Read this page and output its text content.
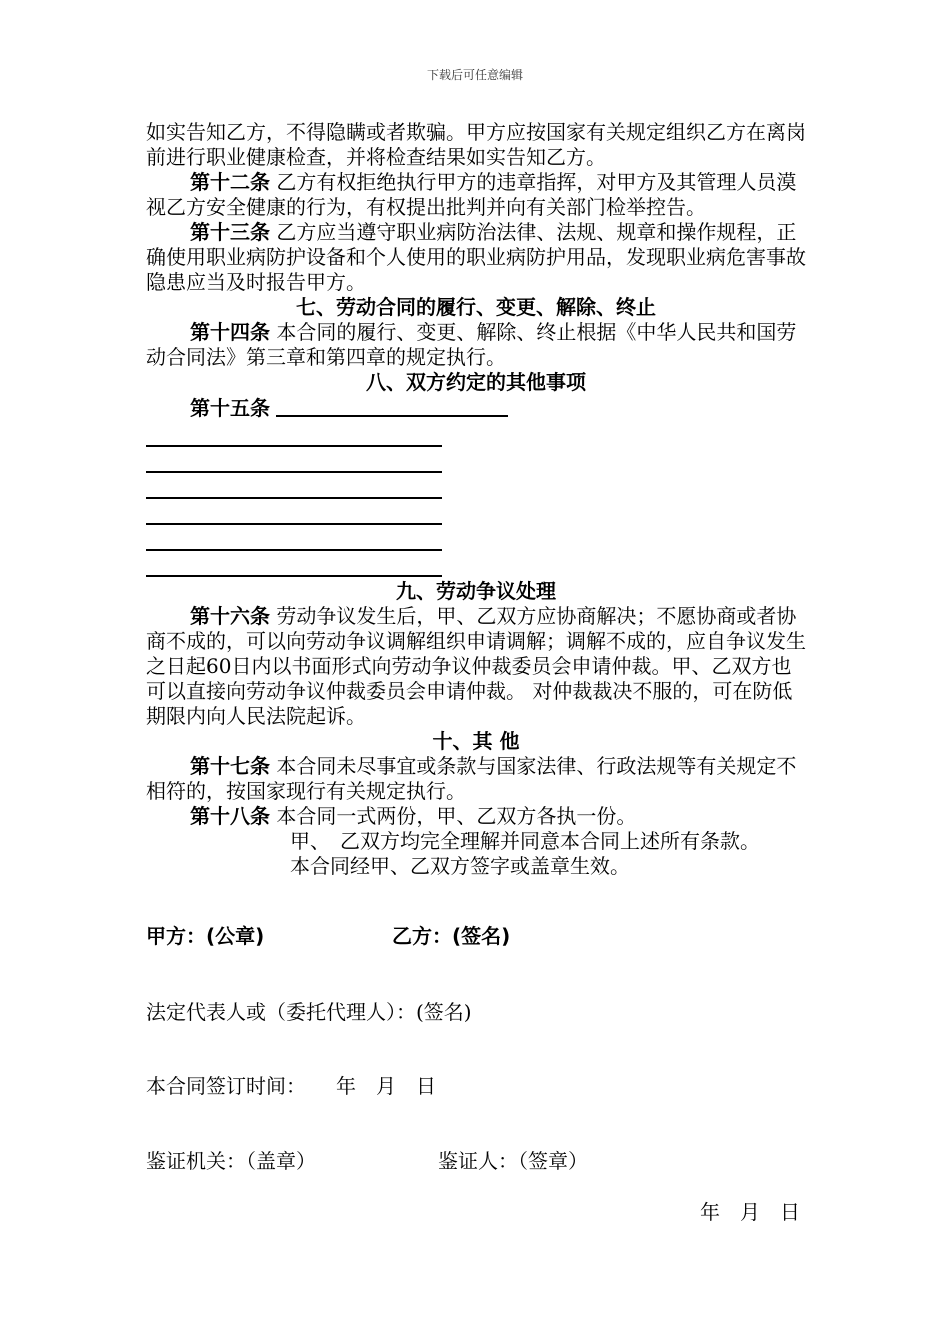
下载后可任意编辑

如实告知乙方，不得隐瞒或者欺骗。甲方应按国家有关规定组织乙方在离岗前进行职业健康检查，并将检查结果如实告知乙方。

第十二条 乙方有权拒绝执行甲方的违章指挥，对甲方及其管理人员漠视乙方安全健康的行为，有权提出批判并向有关部门检举控告。

第十三条 乙方应当遵守职业病防治法律、法规、规章和操作规程，正确使用职业病防护设备和个人使用的职业病防护用品，发现职业病危害事故隐患应当及时报告甲方。

七、劳动合同的履行、变更、解除、终止

第十四条 本合同的履行、变更、解除、终止根据《中华人民共和国劳动合同法》第三章和第四章的规定执行。

八、双方约定的其他事项

第十五条

九、劳动争议处理

第十六条 劳动争议发生后，甲、乙双方应协商解决；不愿协商或者协商不成的，可以向劳动争议调解组织申请调解；调解不成的，应自争议发生之日起60日内以书面形式向劳动争议仲裁委员会申请仲裁。甲、乙双方也可以直接向劳动争议仲裁委员会申请仲裁。 对仲裁裁决不服的，可在防低期限内向人民法院起诉。

十、其 他

第十七条 本合同未尽事宜或条款与国家法律、行政法规等有关规定不相符的，按国家现行有关规定执行。

第十八条 本合同一式两份，甲、乙双方各执一份。

甲、　乙双方均完全理解并同意本合同上述所有条款。

本合同经甲、乙双方签字或盖章生效。

甲方：(公章)	乙方：(签名)
法定代表人或（委托代理人）：(签名)
本合同签订时间：　　年　月　日
鉴证机关：（盖章）	鉴证人：（签章）
年　月　日
